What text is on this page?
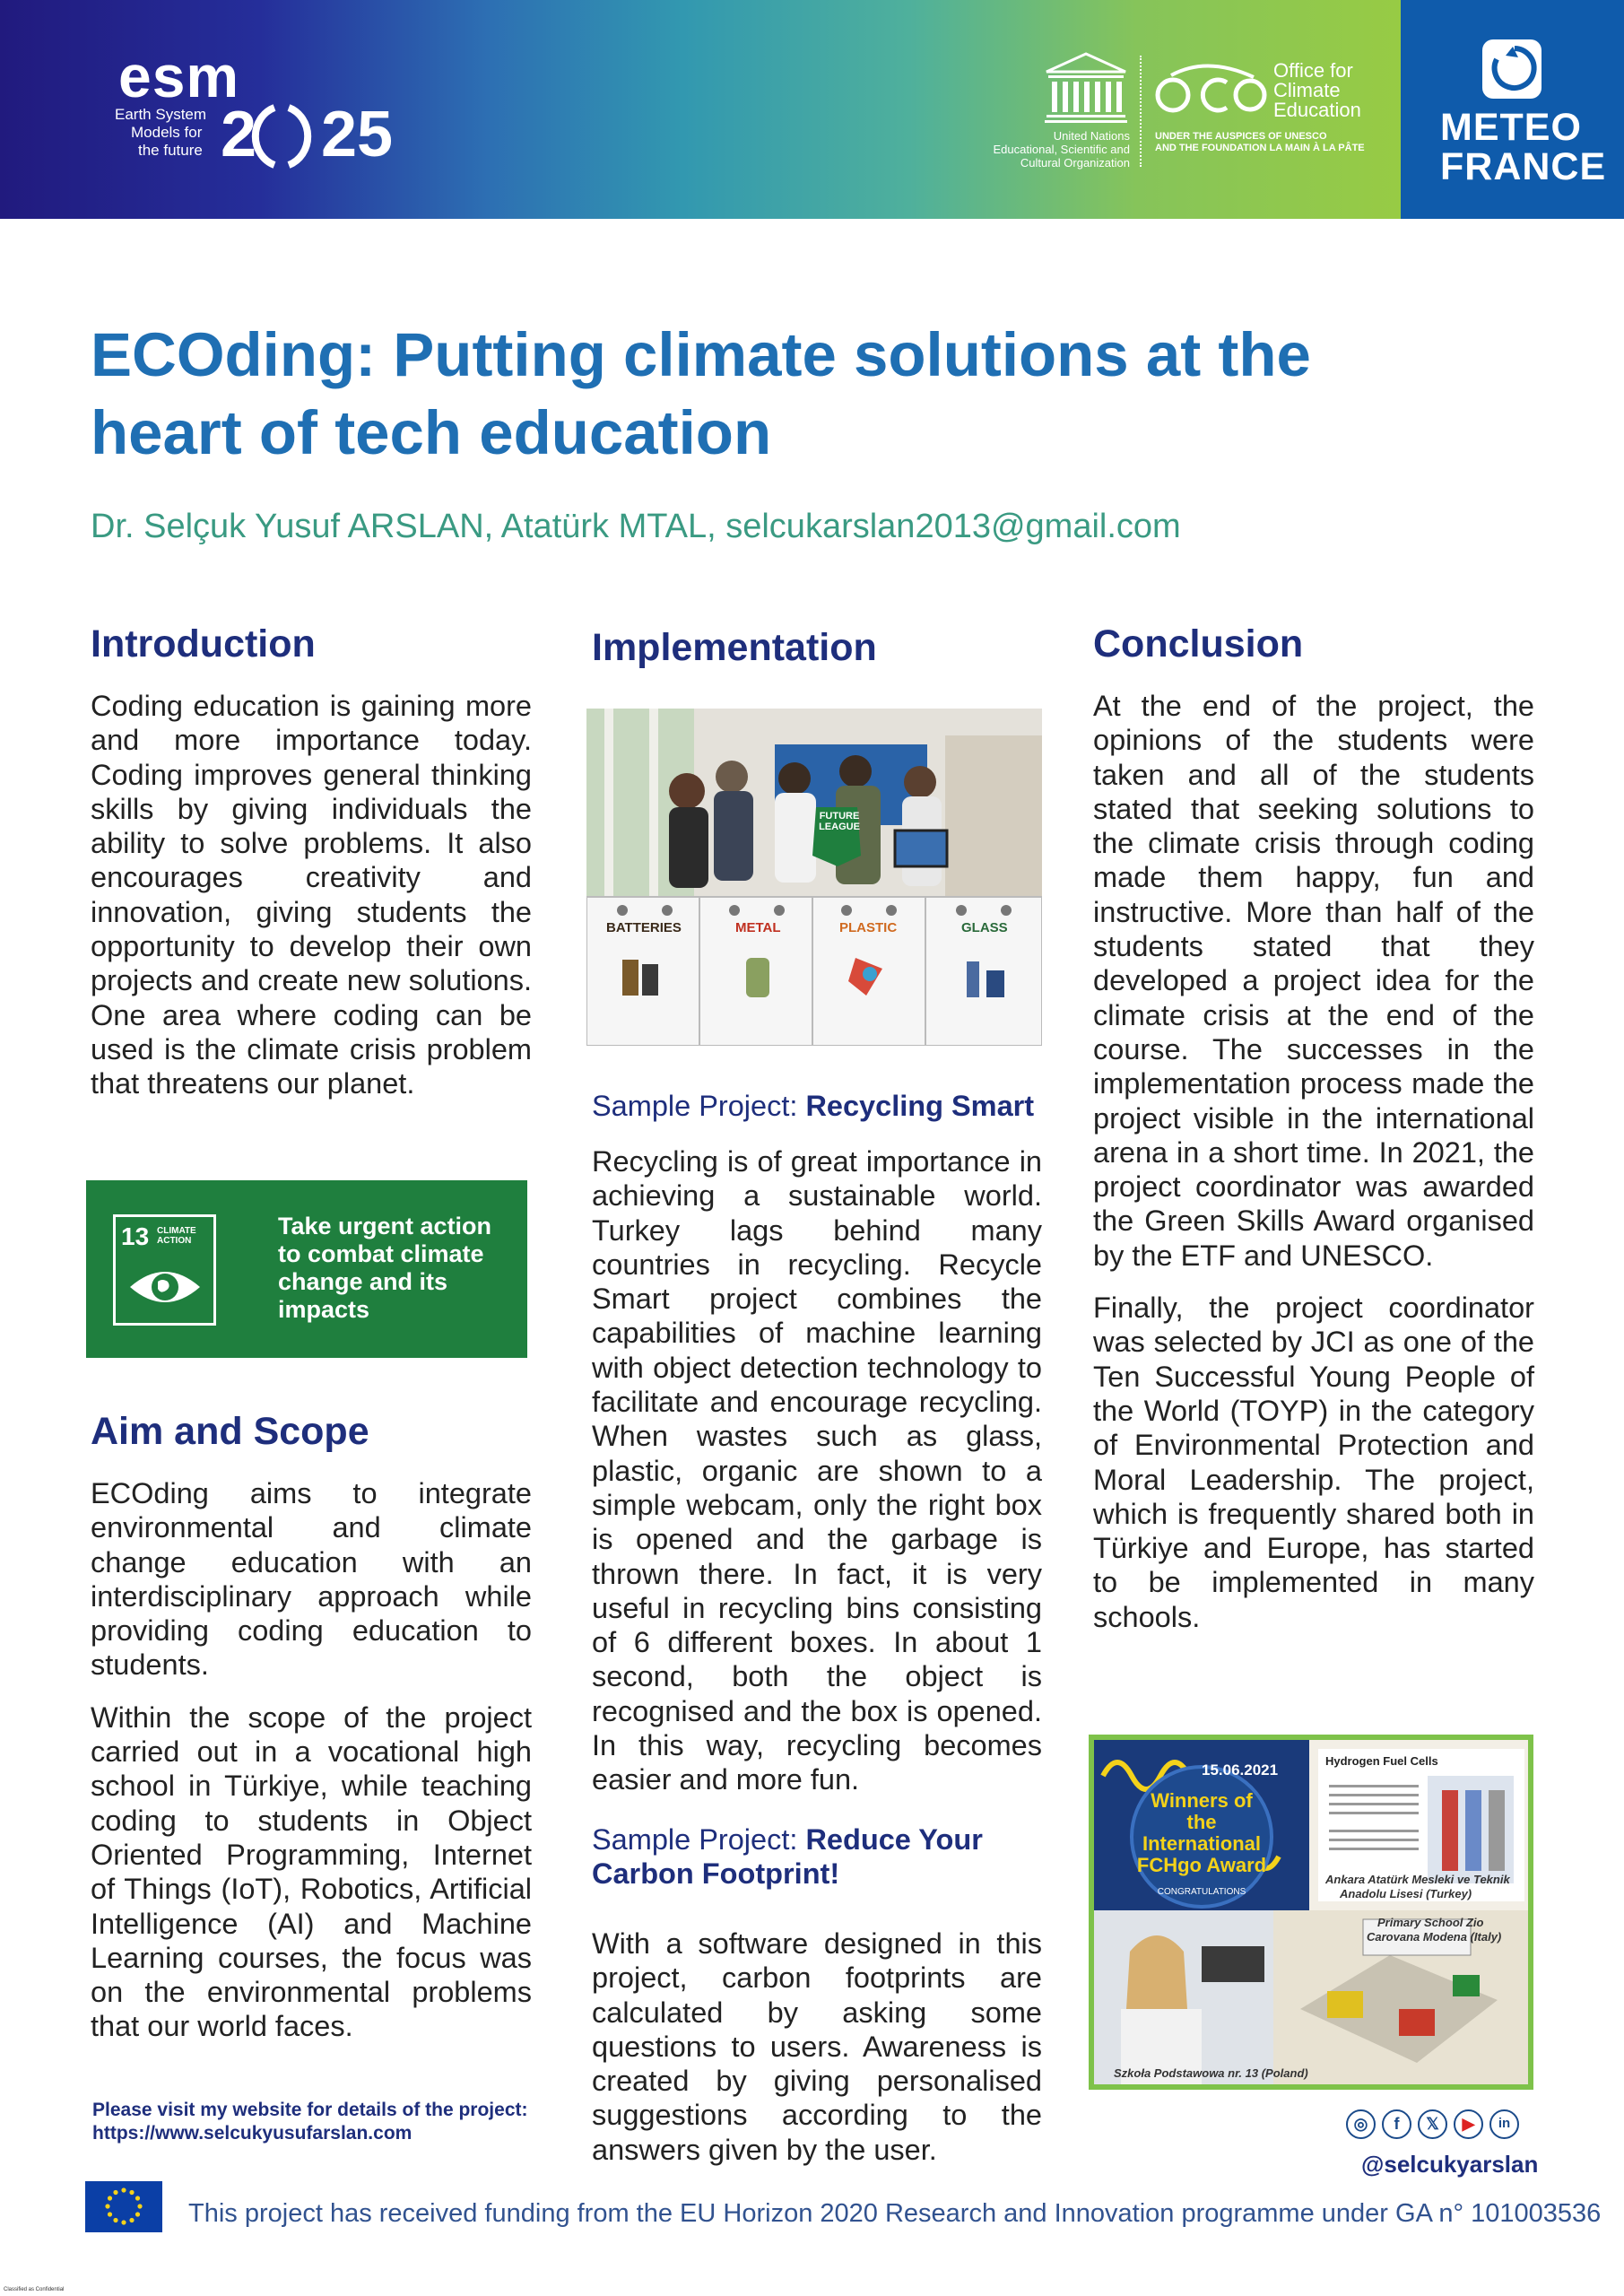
esm
2 25
Earth System
Models for
the future
United Nations
Educational, Scientific and
Cultural Organization
Office for
Climate
Education
UNDER THE AUSPICES OF UNESCO
AND THE FOUNDATION LA MAIN À LA PÂTE METEO
FRANCE
ECOding: Putting climate solutions at the heart of tech education
Dr. Selçuk Yusuf ARSLAN, Atatürk MTAL, selcukarslan2013@gmail.com
Introduction
Coding education is gaining more and more importance today. Coding improves general thinking skills by giving individuals the ability to solve problems. It also encourages creativity and innovation, giving students the opportunity to develop their own projects and create new solutions. One area where coding can be used is the climate crisis problem that threatens our planet.
13 CLIMATE ACTION
Take urgent action to combat climate change and its impacts
Aim and Scope

ECOding aims to integrate environmental and climate change education with an interdisciplinary approach while providing coding education to students.

Within the scope of the project carried out in a vocational high school in Türkiye, while teaching coding to students in Object Oriented Programming, Internet of Things (IoT), Robotics, Artificial Intelligence (AI) and Machine Learning courses, the focus was on the environmental problems that our world faces.

Please visit my website for details of the project:
https://www.selcukyusufarslan.com
Implementation
FUTURE LEAGUE
BATTERIES	METAL	PLASTIC	GLASS
Sample Project: Recycling Smart
Recycling is of great importance in achieving a sustainable world. Turkey lags behind many countries in recycling. Recycle Smart project combines the capabilities of machine learning with object detection technology to facilitate and encourage recycling. When wastes such as glass, plastic, organic are shown to a simple webcam, only the right box is opened and the garbage is thrown there. In fact, it is very useful in recycling bins consisting of 6 different boxes. In about 1 second, both the object is recognised and the box is opened. In this way, recycling becomes easier and more fun.
Sample Project: Reduce Your Carbon Footprint!
With a software designed in this project, carbon footprints are calculated by asking some questions to users. Awareness is created by giving personalised suggestions according to the answers given by the user.
Conclusion

At the end of the project, the opinions of the students were taken and all of the students stated that seeking solutions to the climate crisis through coding made them happy, fun and instructive. More than half of the students stated that they developed a project idea for the climate crisis at the end of the course. The successes in the implementation process made the project visible in the international arena in a short time. In 2021, the project coordinator was awarded the Green Skills Award organised by the ETF and UNESCO.

Finally, the project coordinator was selected by JCI as one of the Ten Successful Young People of the World (TOYP) in the category of Environmental Protection and Moral Leadership. The project, which is frequently shared both in Türkiye and Europe, has started to be implemented in many schools.

15.06.2021
Winners of
the
International
FCHgo Award
CONGRATULATIONS
Hydrogen Fuel Cells
Ankara Atatürk Mesleki ve Teknik
Anadolu Lisesi (Turkey)
Primary School Zio
Carovana Modena (Italy)
Szkoła Podstawowa nr. 13 (Poland)
◎	f	𝕏	▶	in
@selcukyarslan
This project has received funding from the EU Horizon 2020 Research and Innovation programme under GA n° 101003536
Classified as Confidential
